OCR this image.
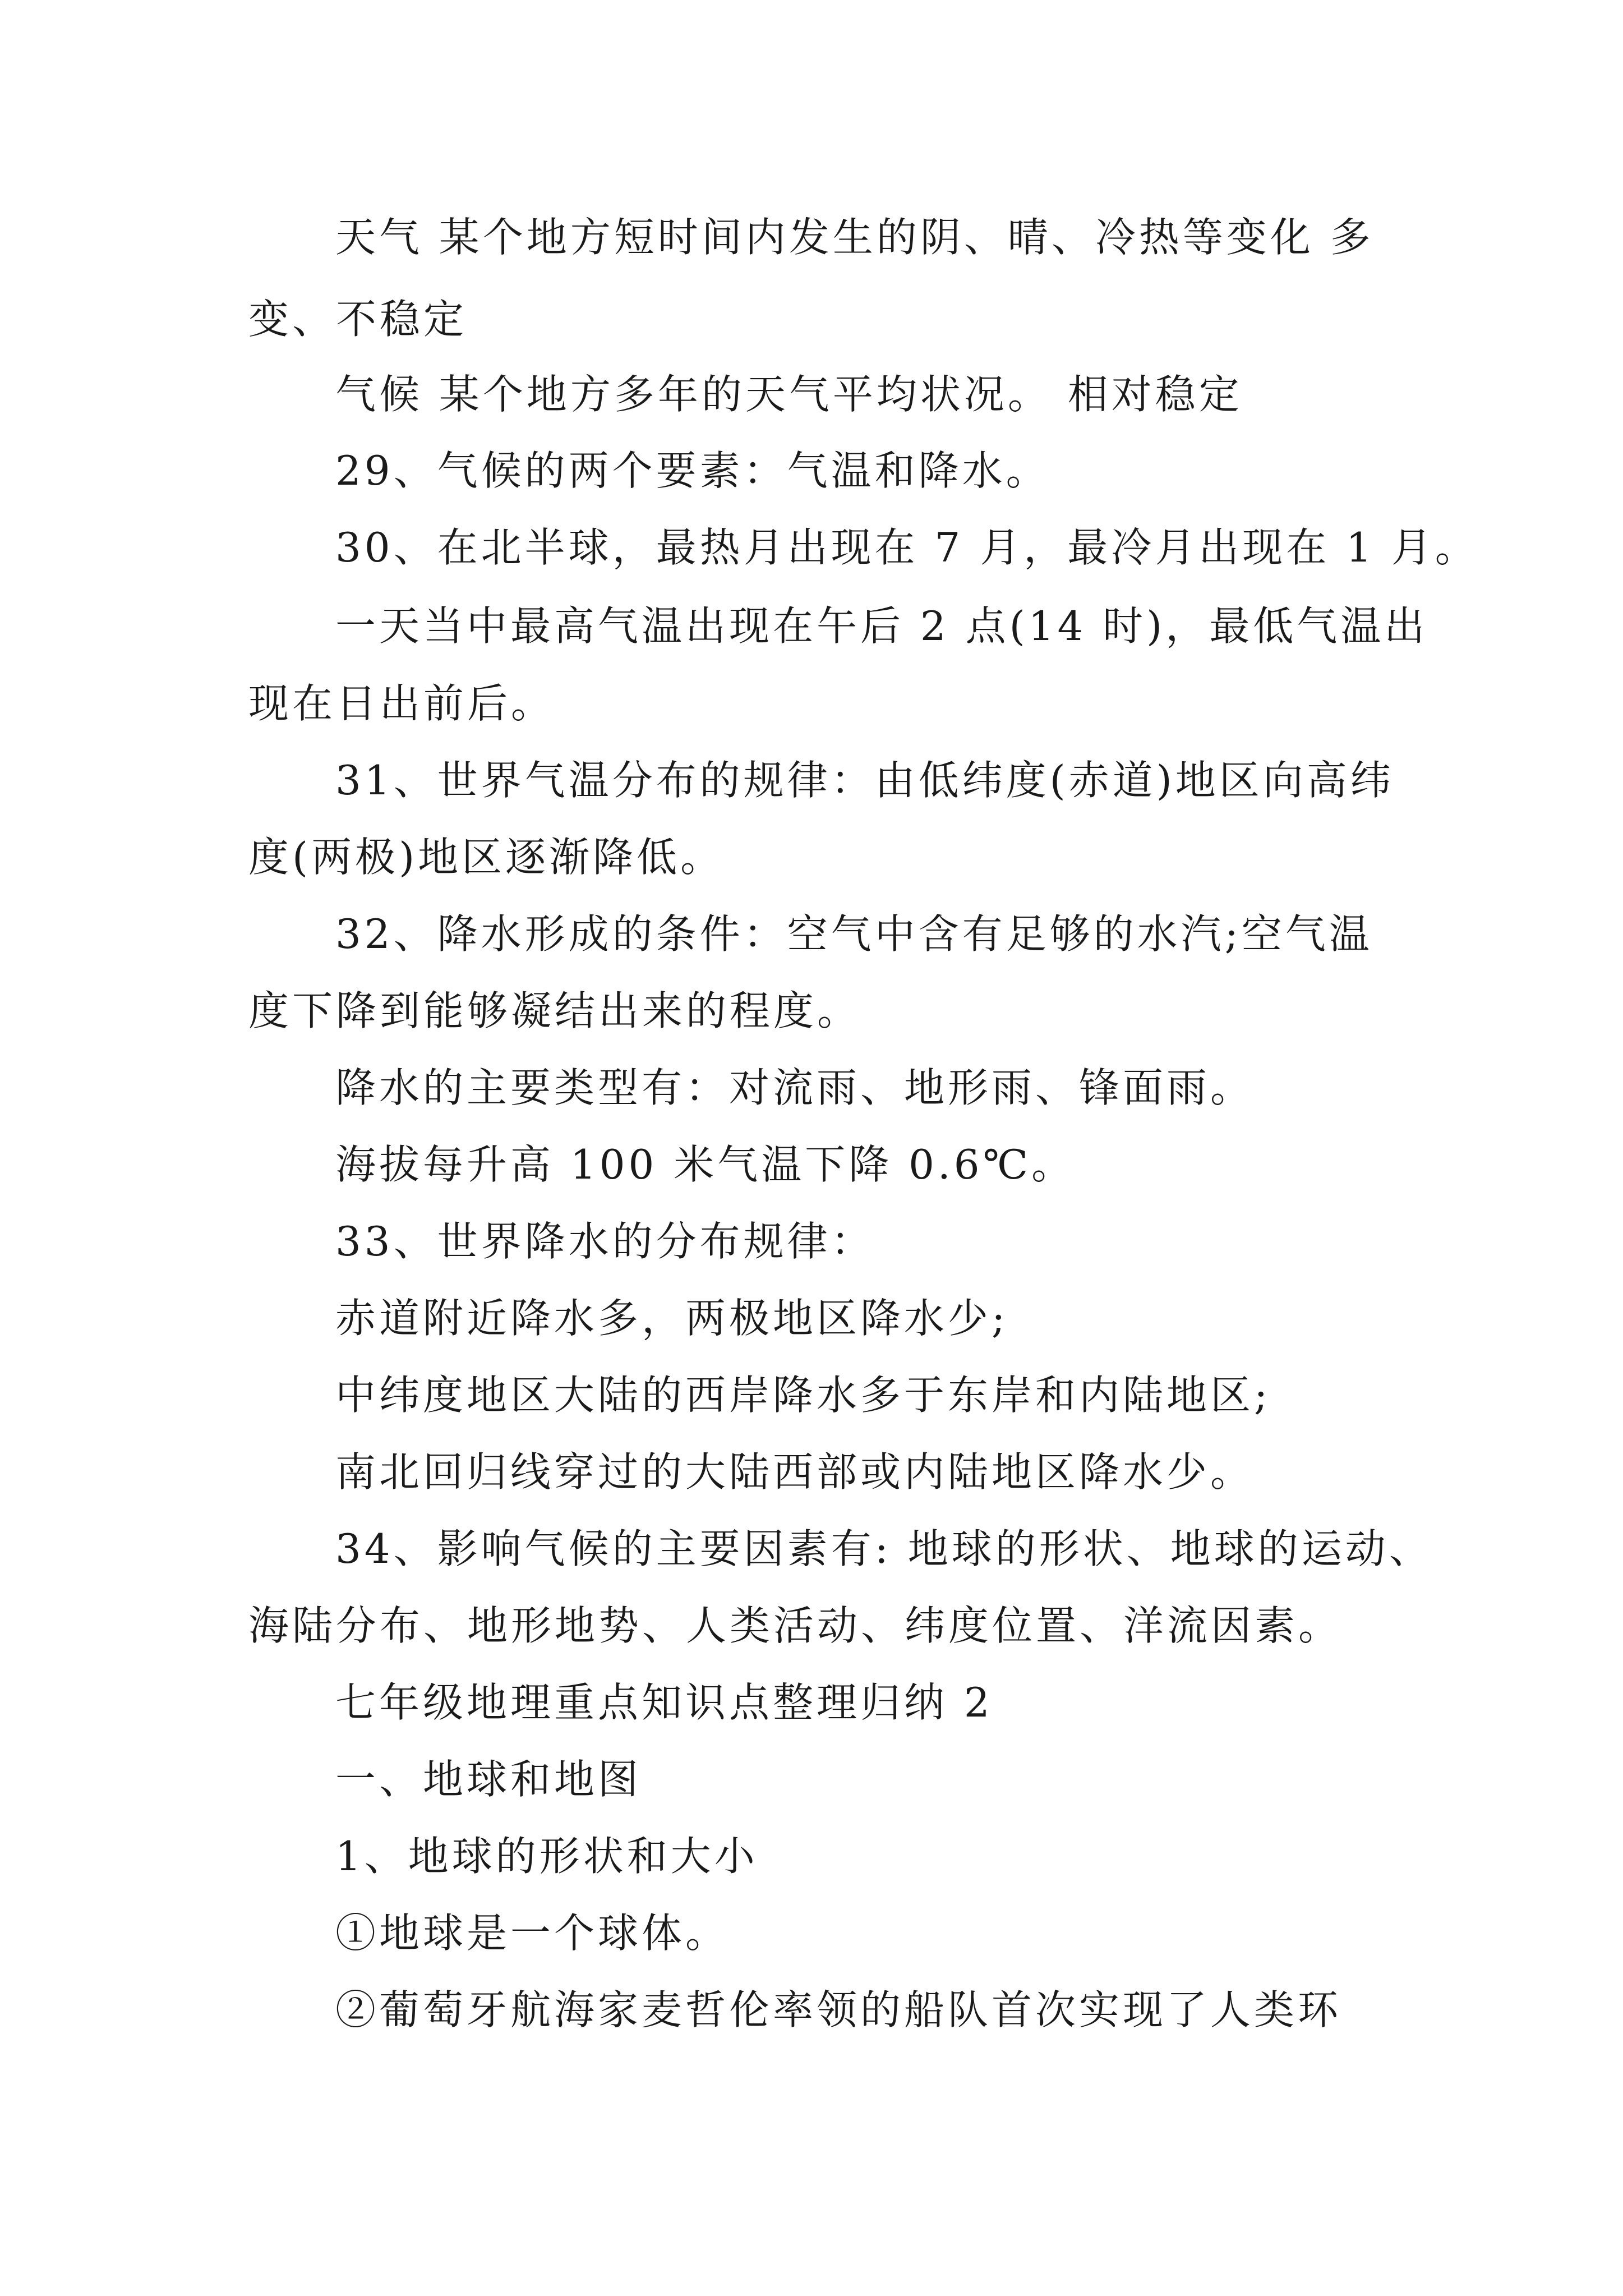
天气 某个地方短时间内发生的阴、晴、冷热等变化 多
变、不稳定
气候 某个地方多年的天气平均状况。 相对稳定
29、气候的两个要素：气温和降水。
30、在北半球，最热月出现在 7 月，最冷月出现在 1 月。
一天当中最高气温出现在午后 2 点(14 时)，最低气温出
现在日出前后。
31、世界气温分布的规律：由低纬度(赤道)地区向高纬
度(两极)地区逐渐降低。
32、降水形成的条件：空气中含有足够的水汽;空气温
度下降到能够凝结出来的程度。
降水的主要类型有：对流雨、地形雨、锋面雨。
海拔每升高 100 米气温下降 0.6℃。
33、世界降水的分布规律：
赤道附近降水多，两极地区降水少;
中纬度地区大陆的西岸降水多于东岸和内陆地区;
南北回归线穿过的大陆西部或内陆地区降水少。
34、影响气候的主要因素有: 地球的形状、地球的运动、
海陆分布、地形地势、人类活动、纬度位置、洋流因素。
七年级地理重点知识点整理归纳 2
一、地球和地图
1、地球的形状和大小
①地球是一个球体。
②葡萄牙航海家麦哲伦率领的船队首次实现了人类环
